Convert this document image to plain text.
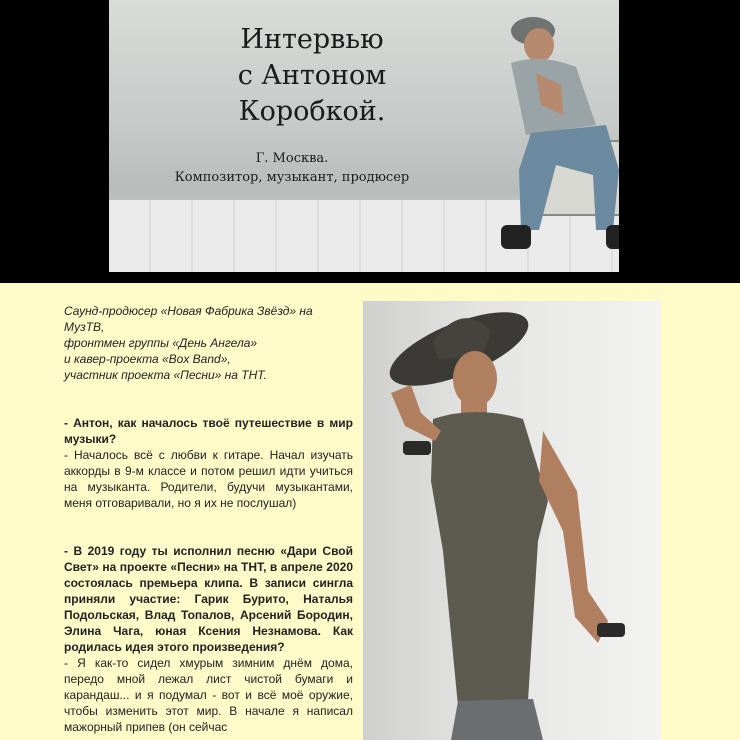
Интервью
с Антоном
Коробкой.

Г. Москва.
Композитор, музыкант, продюсер

Саунд-продюсер «Новая Фабрика Звёзд» на МузТВ,
фронтмен группы «День Ангела»
и кавер-проекта «Box Band»,
участник проекта «Песни» на ТНТ.

- Антон, как началось твоё путешествие в мир музыки?

- Началось всё с любви к гитаре. Начал изучать аккорды в 9-м классе и потом решил идти учиться на музыканта. Родители, будучи музыкантами, меня отговаривали, но я их не послушал)

- В 2019 году ты исполнил песню «Дари Свой Свет» на проекте «Песни» на ТНТ, в апреле 2020 состоялась премьера клипа. В записи сингла приняли участие: Гарик Бурито, Наталья Подольская, Влад Топалов, Арсений Бородин, Элина Чага, юная Ксения Незнамова. Как родилась идея этого произведения?

- Я как-то сидел хмурым зимним днём дома, передо мной лежал лист чистой бумаги и карандаш... и я подумал - вот и всё моё оружие, чтобы изменить этот мир. В начале я написал мажорный припев (он сейчас
